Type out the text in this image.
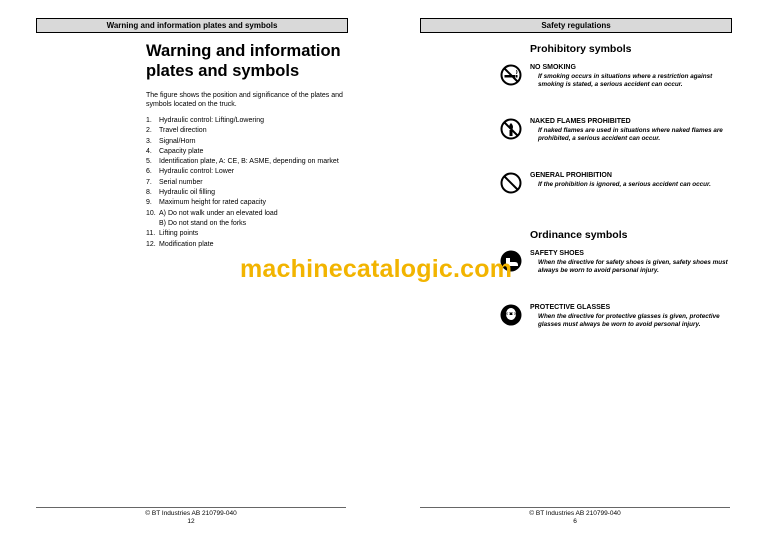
Warning and information plates and symbols
Warning and information
plates and symbols
The figure shows the position and significance of the plates and symbols located on the truck.
1.	Hydraulic control: Lifting/Lowering
2.	Travel direction
3.	Signal/Horn
4.	Capacity plate
5.	Identification plate, A: CE, B: ASME, depending on market
6.	Hydraulic control: Lower
7.	Serial number
8.	Hydraulic oil filling
9.	Maximum height for rated capacity
10. A) Do not walk under an elevated load
B) Do not stand on the forks
11. Lifting points
12. Modification plate
© BT Industries AB 210799-040
12
Safety regulations
Prohibitory symbols
NO SMOKING
If smoking occurs in situations where a restriction against smoking is stated, a serious accident can occur.
NAKED FLAMES PROHIBITED
If naked flames are used in situations where naked flames are prohibited, a serious accident can occur.
GENERAL PROHIBITION
If the prohibition is ignored, a serious accident can occur.
Ordinance symbols
SAFETY SHOES
When the directive for safety shoes is given, safety shoes must always be worn to avoid personal injury.
PROTECTIVE GLASSES
When the directive for protective glasses is given, protective glasses must always be worn to avoid personal injury.
© BT Industries AB 210799-040
6
machinecatalogic.com
